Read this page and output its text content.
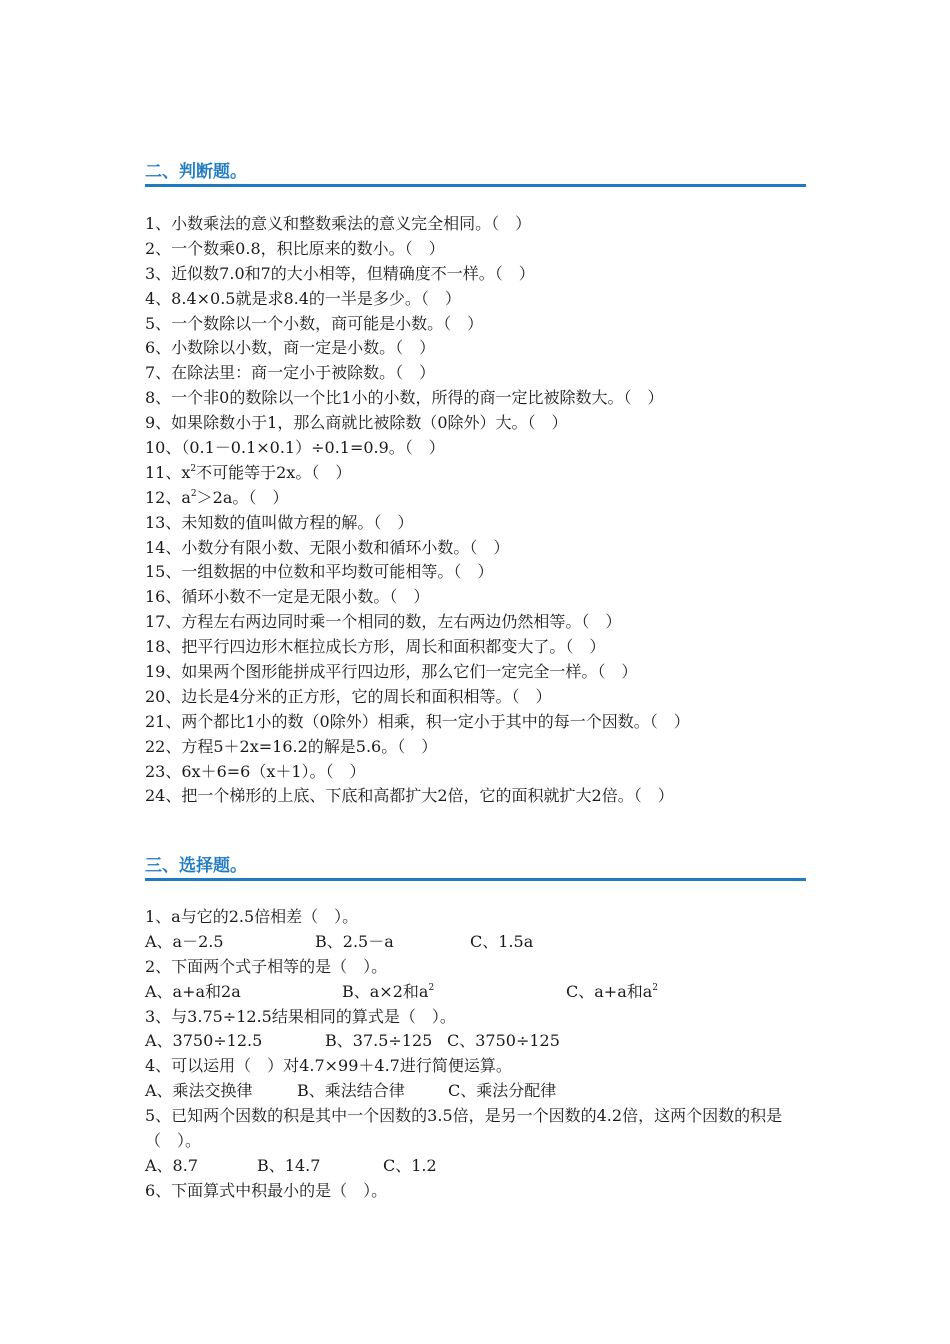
二、判断题。
1、小数乘法的意义和整数乘法的意义完全相同。（　）
2、一个数乘0.8，积比原来的数小。（　）
3、近似数7.0和7的大小相等，但精确度不一样。（　）
4、8.4×0.5就是求8.4的一半是多少。（　）
5、一个数除以一个小数，商可能是小数。（　）
6、小数除以小数，商一定是小数。（　）
7、在除法里：商一定小于被除数。（　）
8、一个非0的数除以一个比1小的小数，所得的商一定比被除数大。（　）
9、如果除数小于1，那么商就比被除数（0除外）大。（　）
10、（0.1－0.1×0.1）÷0.1=0.9。（　）
11、$x^2$不可能等于2x。（　）
12、$a^2>2a$。（　）
13、未知数的值叫做方程的解。（　）
14、小数分有限小数、无限小数和循环小数。（　）
15、一组数据的中位数和平均数可能相等。（　）
16、循环小数不一定是无限小数。（　）
17、方程左右两边同时乘一个相同的数，左右两边仍然相等。（　）
18、把平行四边形木框拉成长方形，周长和面积都变大了。（　）
19、如果两个图形能拼成平行四边形，那么它们一定完全一样。（　）
20、边长是4分米的正方形，它的周长和面积相等。（　）
21、两个都比1小的数（0除外）相乘，积一定小于其中的每一个因数。（　）
22、方程5＋2x=16.2的解是5.6。（　）
23、6x＋6=6（x＋1）。（　）
24、把一个梯形的上底、下底和高都扩大2倍，它的面积就扩大2倍。（　）
三、选择题。
1、a与它的2.5倍相差（　）。
A、a－2.5	B、2.5－a	C、1.5a
2、下面两个式子相等的是（　）。
A、a+a和2a	B、a×2和$a^2$	C、a+a和$a^2$
3、与3.75÷12.5结果相同的算式是（　）。
A、3750÷12.5	B、37.5÷125 C、3750÷125
4、可以运用（　）对4.7×99＋4.7进行简便运算。
A、乘法交换律	B、乘法结合律	C、乘法分配律
5、已知两个因数的积是其中一个因数的3.5倍，是另一个因数的4.2倍，这两个因数的积是（　）。
A、8.7	B、14.7	C、1.2
6、下面算式中积最小的是（　）。
